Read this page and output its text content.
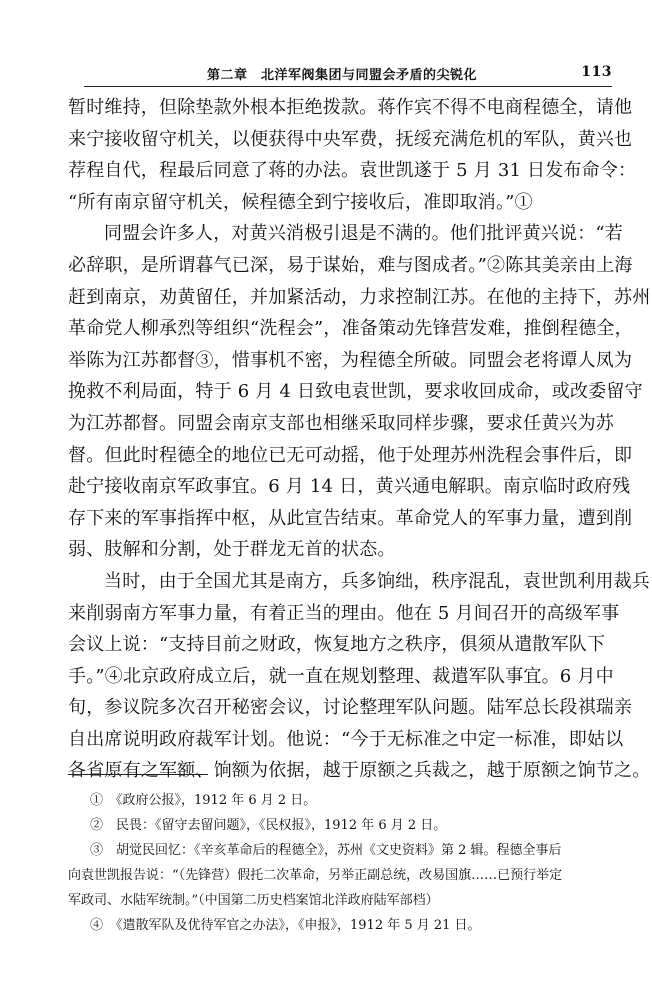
第二章　北洋军阀集团与同盟会矛盾的尖锐化	113
暂时维持，但除垫款外根本拒绝拨款。蒋作宾不得不电商程德全，请他
来宁接收留守机关，以便获得中央军费，抚绥充满危机的军队，黄兴也
荐程自代，程最后同意了蒋的办法。袁世凯遂于 5 月 31 日发布命令：
“所有南京留守机关，候程德全到宁接收后，准即取消。”①
同盟会许多人，对黄兴消极引退是不满的。他们批评黄兴说：“若
必辞职，是所谓暮气已深，易于谋始，难与图成者。”②陈其美亲由上海
赶到南京，劝黄留任，并加紧活动，力求控制江苏。在他的主持下，苏州
革命党人柳承烈等组织“洗程会”，准备策动先锋营发难，推倒程德全，
举陈为江苏都督③，惜事机不密，为程德全所破。同盟会老将谭人凤为
挽救不利局面，特于 6 月 4 日致电袁世凯，要求收回成命，或改委留守
为江苏都督。同盟会南京支部也相继采取同样步骤，要求任黄兴为苏
督。但此时程德全的地位已无可动摇，他于处理苏州洗程会事件后，即
赴宁接收南京军政事宜。6 月 14 日，黄兴通电解职。南京临时政府残
存下来的军事指挥中枢，从此宣告结束。革命党人的军事力量，遭到削
弱、肢解和分割，处于群龙无首的状态。
当时，由于全国尤其是南方，兵多饷绌，秩序混乱，袁世凯利用裁兵
来削弱南方军事力量，有着正当的理由。他在 5 月间召开的高级军事
会议上说：“支持目前之财政，恢复地方之秩序，俱须从遣散军队下
手。”④北京政府成立后，就一直在规划整理、裁遣军队事宜。6 月中
旬，参议院多次召开秘密会议，讨论整理军队问题。陆军总长段祺瑞亲
自出席说明政府裁军计划。他说：“今于无标准之中定一标准，即姑以
各省原有之军额、饷额为依据，越于原额之兵裁之，越于原额之饷节之。
①　《政府公报》，1912 年 6 月 2 日。
②　民畏：《留守去留问题》，《民权报》，1912 年 6 月 2 日。
③　胡觉民回忆：《辛亥革命后的程德全》，苏州《文史资料》第 2 辑。程德全事后
向袁世凯报告说：“（先锋营）假托二次革命，另举正副总统，改易国旗……已预行举定
军政司、水陆军统制。”（中国第二历史档案馆北洋政府陆军部档）
④　《遣散军队及优待军官之办法》，《申报》，1912 年 5 月 21 日。
